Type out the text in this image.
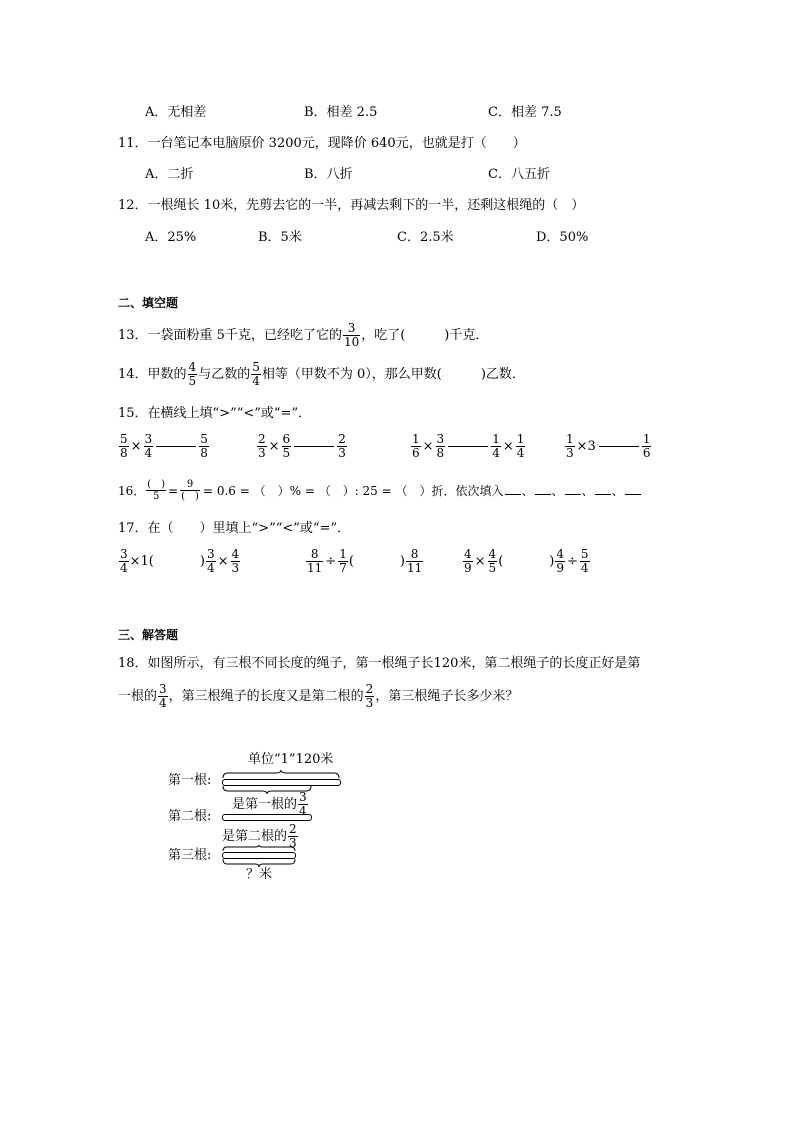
A．无相差	B．相差 2.5	C．相差 7.5
11．一台笔记本电脑原价 3200元，现降价 640元，也就是打（　　）
A．二折	B．八折	C．八五折
12．一根绳长 10米，先剪去它的一半，再减去剩下的一半，还剩这根绳的（　）
A．25%	B．5米	C．2.5米	D．50%
二、填空题
13．一袋面粉重 5千克，已经吃了它的 $\frac{3}{10}$ ，吃了(　　　)千克．
14．甲数的 $\frac{4}{5}$ 与乙数的 $\frac{5}{4}$ 相等（甲数不为 0），那么甲数(　　　)乙数．
15．在横线上填“>”“<”或“=”．
$\frac{5}{8} \times \frac{3}{4}$	$\frac{5}{8}$	$\frac{2}{3} \times \frac{6}{5}$	$\frac{2}{3}$	$\frac{1}{6} \times \frac{3}{8}$	$\frac{1}{4} \times \frac{1}{4}$	$\frac{1}{3} \times 3$	$\frac{1}{6}$
16． $\frac{( )}{5} = \frac{9}{( )} = 0.6$ = （　）% = （　）: 25 = （　）折．依次填入 、
、
、
、
17．在（　　）里填上“>”“<”或“=”．
$\frac{3}{4} \times 1$(	) $\frac{3}{4} \times \frac{4}{3}$	$\frac{8}{11} \div \frac{1}{7}$ (	) $\frac{8}{11}$	$\frac{4}{9} \times \frac{4}{5}$ (	) $\frac{4}{9} \div \frac{5}{4}$
三、解答题
18．如图所示，有三根不同长度的绳子，第一根绳子长120米，第二根绳子的长度正好是第
一根的 $\frac{3}{4}$ ，第三根绳子的长度又是第二根的 $\frac{2}{3}$ ，第三根绳子长多少米？
单位“1”120米
第一根:
第二根:
第三根:
是第一根的 $\frac{3}{4}$
是第二根的 $\frac{2}{3}$
？米
